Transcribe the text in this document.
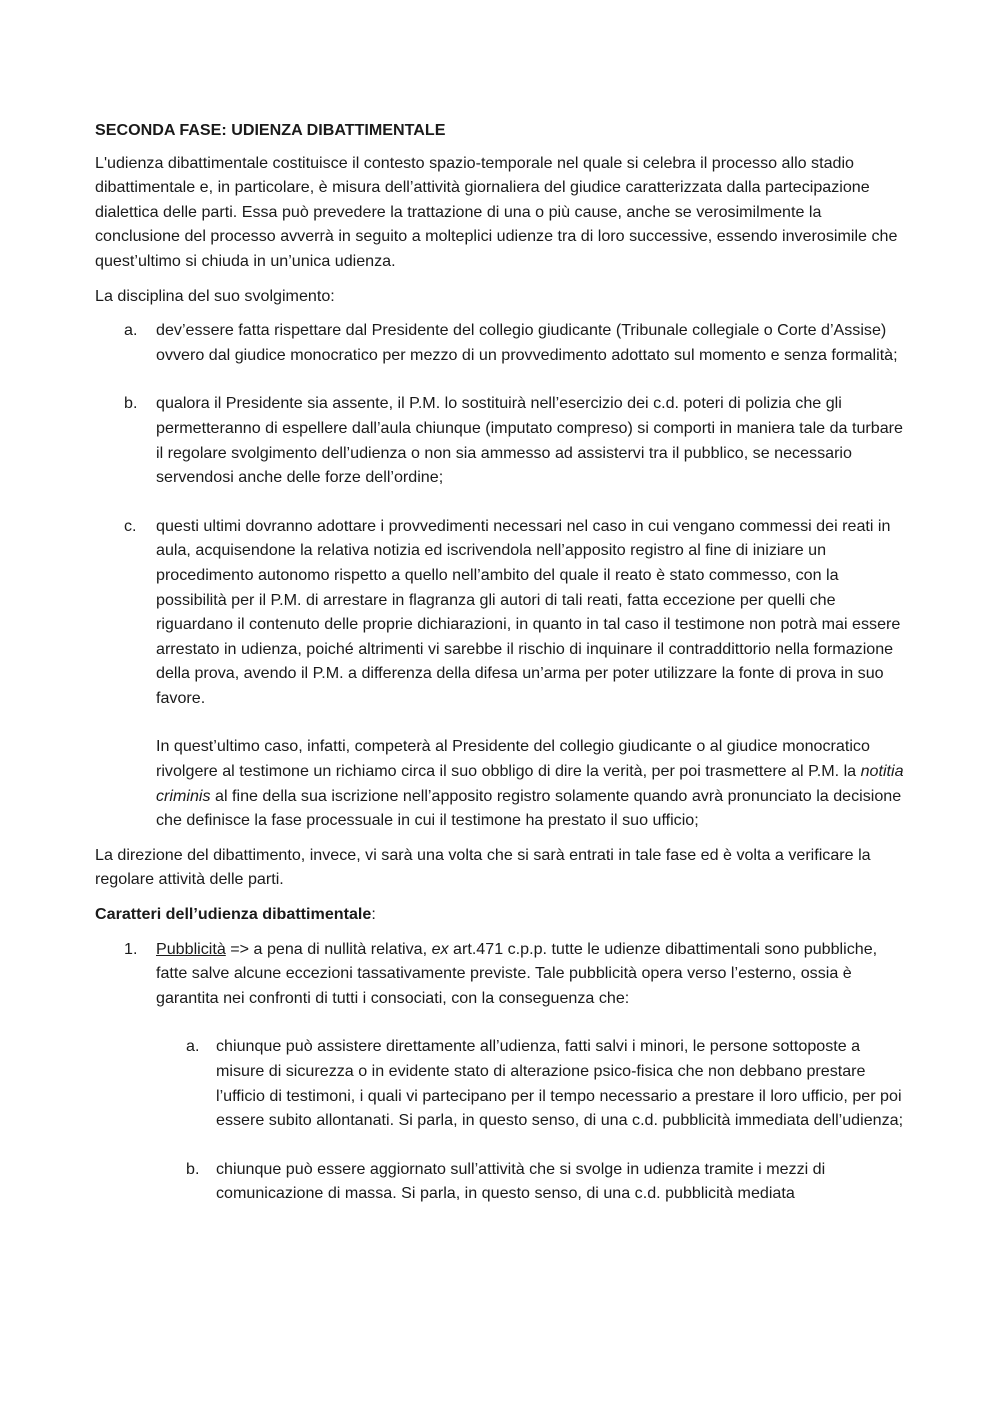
SECONDA FASE: UDIENZA DIBATTIMENTALE

L'udienza dibattimentale costituisce il contesto spazio-temporale nel quale si celebra il processo allo stadio dibattimentale e, in particolare, è misura dell’attività giornaliera del giudice caratterizzata dalla partecipazione dialettica delle parti. Essa può prevedere la trattazione di una o più cause, anche se verosimilmente la conclusione del processo avverrà in seguito a molteplici udienze tra di loro successive, essendo inverosimile che quest’ultimo si chiuda in un’unica udienza.

La disciplina del suo svolgimento:

a. dev’essere fatta rispettare dal Presidente del collegio giudicante (Tribunale collegiale o Corte d’Assise) ovvero dal giudice monocratico per mezzo di un provvedimento adottato sul momento e senza formalità;

b. qualora il Presidente sia assente, il P.M. lo sostituirà nell’esercizio dei c.d. poteri di polizia che gli permetteranno di espellere dall’aula chiunque (imputato compreso) si comporti in maniera tale da turbare il regolare svolgimento dell’udienza o non sia ammesso ad assistervi tra il pubblico, se necessario servendosi anche delle forze dell’ordine;

c. questi ultimi dovranno adottare i provvedimenti necessari nel caso in cui vengano commessi dei reati in aula, acquisendone la relativa notizia ed iscrivendola nell’apposito registro al fine di iniziare un procedimento autonomo rispetto a quello nell’ambito del quale il reato è stato commesso, con la possibilità per il P.M. di arrestare in flagranza gli autori di tali reati, fatta eccezione per quelli che riguardano il contenuto delle proprie dichiarazioni, in quanto in tal caso il testimone non potrà mai essere arrestato in udienza, poiché altrimenti vi sarebbe il rischio di inquinare il contraddittorio nella formazione della prova, avendo il P.M. a differenza della difesa un’arma per poter utilizzare la fonte di prova in suo favore.

In quest’ultimo caso, infatti, competerà al Presidente del collegio giudicante o al giudice monocratico rivolgere al testimone un richiamo circa il suo obbligo di dire la verità, per poi trasmettere al P.M. la notitia criminis al fine della sua iscrizione nell’apposito registro solamente quando avrà pronunciato la decisione che definisce la fase processuale in cui il testimone ha prestato il suo ufficio;

La direzione del dibattimento, invece, vi sarà una volta che si sarà entrati in tale fase ed è volta a verificare la regolare attività delle parti.

Caratteri dell’udienza dibattimentale:

1. Pubblicità => a pena di nullità relativa, ex art.471 c.p.p. tutte le udienze dibattimentali sono pubbliche, fatte salve alcune eccezioni tassativamente previste. Tale pubblicità opera verso l’esterno, ossia è garantita nei confronti di tutti i consociati, con la conseguenza che:

a. chiunque può assistere direttamente all’udienza, fatti salvi i minori, le persone sottoposte a misure di sicurezza o in evidente stato di alterazione psico-fisica che non debbano prestare l’ufficio di testimoni, i quali vi partecipano per il tempo necessario a prestare il loro ufficio, per poi essere subito allontanati. Si parla, in questo senso, di una c.d. pubblicità immediata dell’udienza;

b. chiunque può essere aggiornato sull’attività che si svolge in udienza tramite i mezzi di comunicazione di massa. Si parla, in questo senso, di una c.d. pubblicità mediata
